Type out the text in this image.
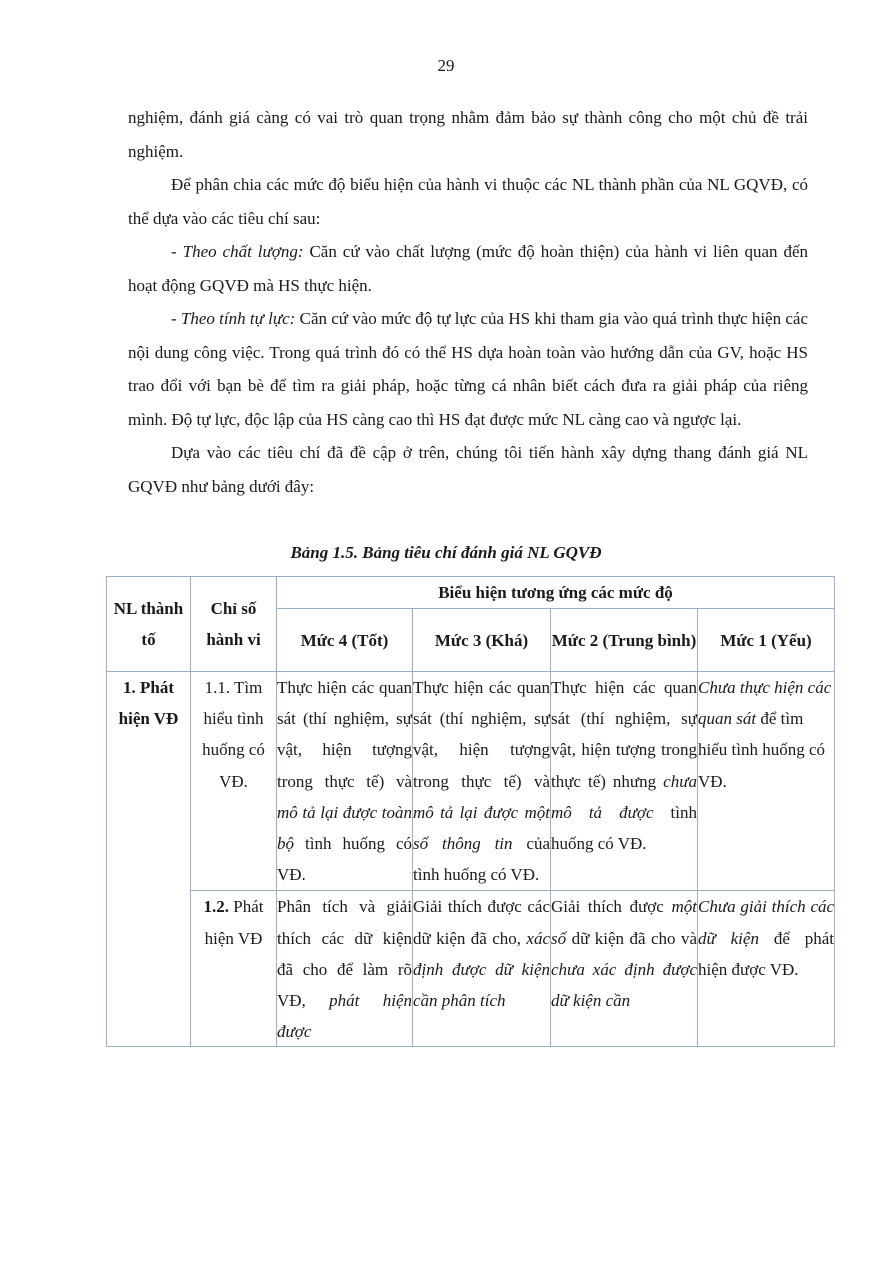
29

nghiệm, đánh giá càng có vai trò quan trọng nhằm đảm bảo sự thành công cho một chủ đề trải nghiệm.

Để phân chia các mức độ biểu hiện của hành vi thuộc các NL thành phần của NL GQVĐ, có thể dựa vào các tiêu chí sau:

- Theo chất lượng: Căn cứ vào chất lượng (mức độ hoàn thiện) của hành vi liên quan đến hoạt động GQVĐ mà HS thực hiện.

- Theo tính tự lực: Căn cứ vào mức độ tự lực của HS khi tham gia vào quá trình thực hiện các nội dung công việc. Trong quá trình đó có thể HS dựa hoàn toàn vào hướng dẫn của GV, hoặc HS trao đổi với bạn bè để tìm ra giải pháp, hoặc từng cá nhân biết cách đưa ra giải pháp của riêng mình. Độ tự lực, độc lập của HS càng cao thì HS đạt được mức NL càng cao và ngược lại.

Dựa vào các tiêu chí đã đề cập ở trên, chúng tôi tiến hành xây dựng thang đánh giá NL GQVĐ như bảng dưới đây:

Bảng 1.5. Bảng tiêu chí đánh giá NL GQVĐ
NL thành tố	Chỉ số hành vi	Biểu hiện tương ứng các mức độ			
		Mức 4 (Tốt)	Mức 3 (Khá)	Mức 2 (Trung bình)	Mức 1 (Yếu)
1. Phát hiện VĐ	1.1. Tìm hiểu tình huống có VĐ.	Thực hiện các quan sát (thí nghiệm, sự vật, hiện tượng trong thực tế) và mô tả lại được toàn bộ tình huống có VĐ.	Thực hiện các quan sát (thí nghiệm, sự vật, hiện tượng trong thực tế) và mô tả lại được một số thông tin của tình huống có VĐ.	Thực hiện các quan sát (thí nghiệm, sự vật, hiện tượng trong thực tế) nhưng chưa mô tả được tình huống có VĐ.	Chưa thực hiện các quan sát để tìm hiểu tình huống có VĐ.
	1.2. Phát hiện VĐ	Phân tích và giải thích các dữ kiện đã cho để làm rõ VĐ, phát hiện được	Giải thích được các dữ kiện đã cho, xác định được dữ kiện cần phân tích	Giải thích được một số dữ kiện đã cho và chưa xác định được dữ kiện cần	Chưa giải thích các dữ kiện để phát hiện được VĐ.
